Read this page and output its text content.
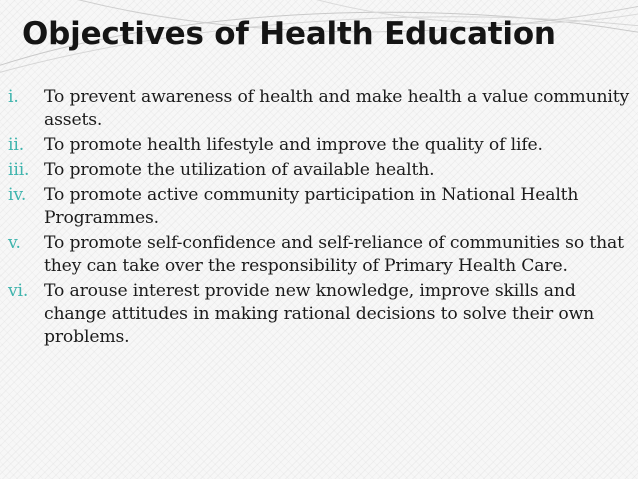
Objectives of Health Education
i. To prevent awareness of health and make health a value community assets.
ii. To promote health lifestyle and improve the quality of life.
iii. To promote the utilization of available health.
iv. To promote active community participation in National Health Programmes.
v. To promote self-confidence and self-reliance of communities so that they can take over the responsibility of Primary Health Care.
vi. To arouse interest provide new knowledge, improve skills and change attitudes in making rational decisions to solve their own problems.
